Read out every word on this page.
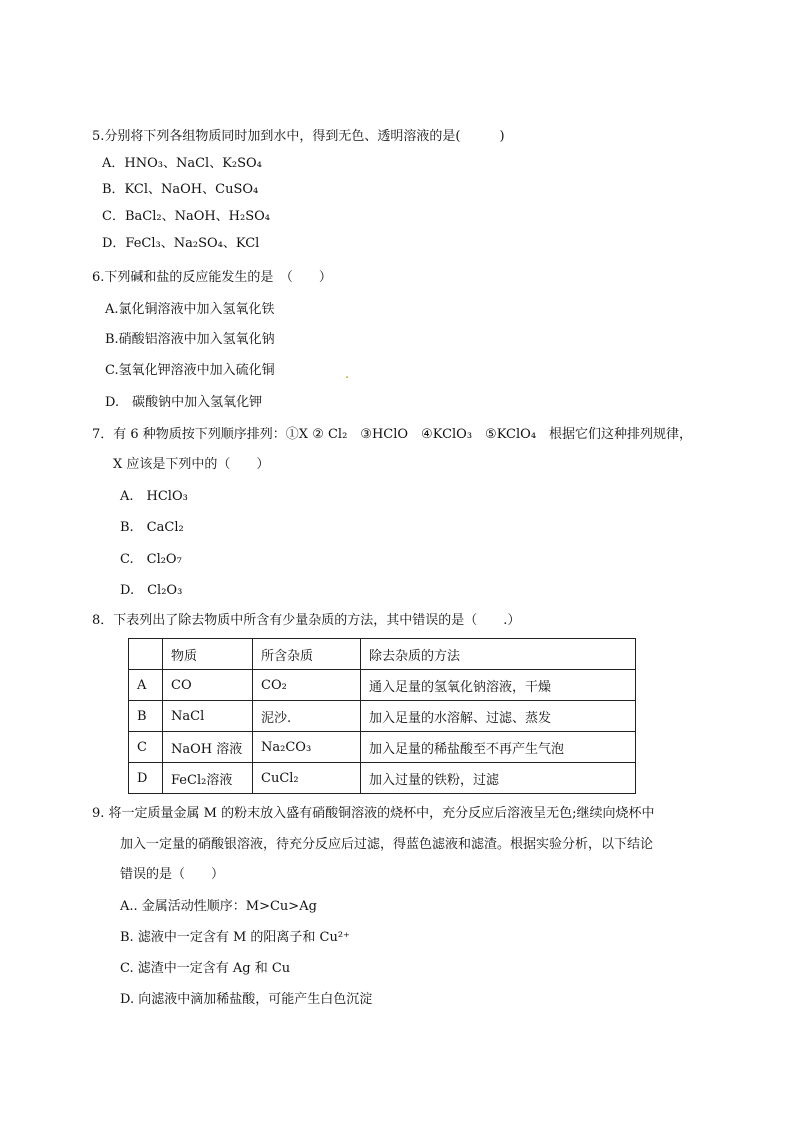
5.分别将下列各组物质同时加到水中，得到无色、透明溶液的是(　　　)
A．HNO₃、NaCl、K₂SO₄
B．KCl、NaOH、CuSO₄
C．BaCl₂、NaOH、H₂SO₄
D．FeCl₃、Na₂SO₄、KCl
6.下列碱和盐的反应能发生的是　（　　）
A.氯化铜溶液中加入氢氧化铁
B.硝酸铝溶液中加入氢氧化钠
C.氢氧化钾溶液中加入硫化铜	.
D.　碳酸钠中加入氢氧化钾
7．有 6 种物质按下列顺序排列：①X ② Cl₂　③HClO　④KClO₃　⑤KClO₄　根据它们这种排列规律，
X 应该是下列中的（　　）
A.　HClO₃
B.　CaCl₂
C.　Cl₂O₇
D.　Cl₂O₃
8．下表列出了除去物质中所含有少量杂质的方法，其中错误的是（　　.）
	物质	所含杂质	除去杂质的方法
A	CO	CO₂	通入足量的氢氧化钠溶液，干燥
B	NaCl	泥沙.	加入足量的水溶解、过滤、蒸发
C	NaOH 溶液	Na₂CO₃	加入足量的稀盐酸至不再产生气泡
D	FeCl₂溶液	CuCl₂	加入过量的铁粉，过滤
9. 将一定质量金属 M 的粉末放入盛有硝酸铜溶液的烧杯中，充分反应后溶液呈无色;继续向烧杯中
加入一定量的硝酸银溶液，待充分反应后过滤，得蓝色滤液和滤渣。根据实验分析，以下结论
错误的是（　　）
A.. 金属活动性顺序：M>Cu>Ag
B. 滤液中一定含有 M 的阳离子和 Cu²⁺
C. 滤渣中一定含有 Ag 和 Cu
D. 向滤液中滴加稀盐酸，可能产生白色沉淀
